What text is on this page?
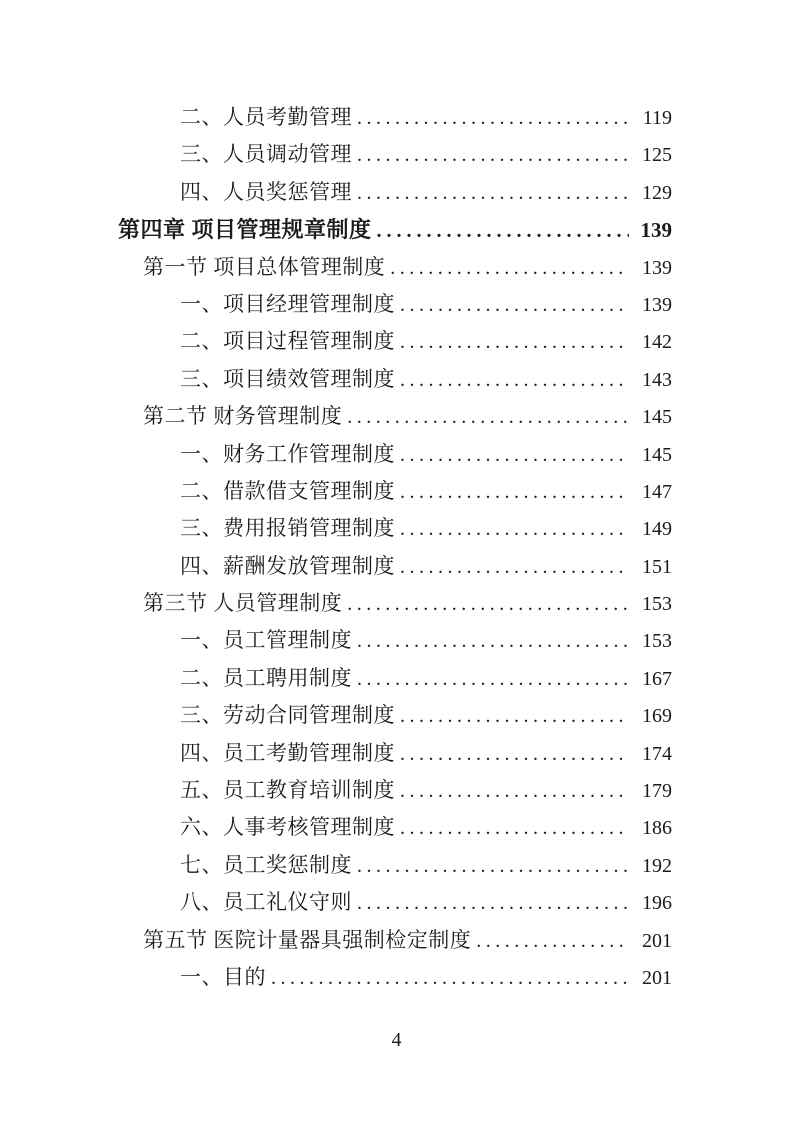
二、人员考勤管理 .....	119
三、人员调动管理 .....	125
四、人员奖惩管理 .....	129
第四章 项目管理规章制度 .....	139
第一节 项目总体管理制度 .....	139
一、项目经理管理制度 .....	139
二、项目过程管理制度 .....	142
三、项目绩效管理制度 .....	143
第二节 财务管理制度 .....	145
一、财务工作管理制度 .....	145
二、借款借支管理制度 .....	147
三、费用报销管理制度 .....	149
四、薪酬发放管理制度 .....	151
第三节 人员管理制度 .....	153
一、员工管理制度 .....	153
二、员工聘用制度 .....	167
三、劳动合同管理制度 .....	169
四、员工考勤管理制度 .....	174
五、员工教育培训制度 .....	179
六、人事考核管理制度 .....	186
七、员工奖惩制度 .....	192
八、员工礼仪守则 .....	196
第五节 医院计量器具强制检定制度 .....	201
一、目的 .....	201
4
